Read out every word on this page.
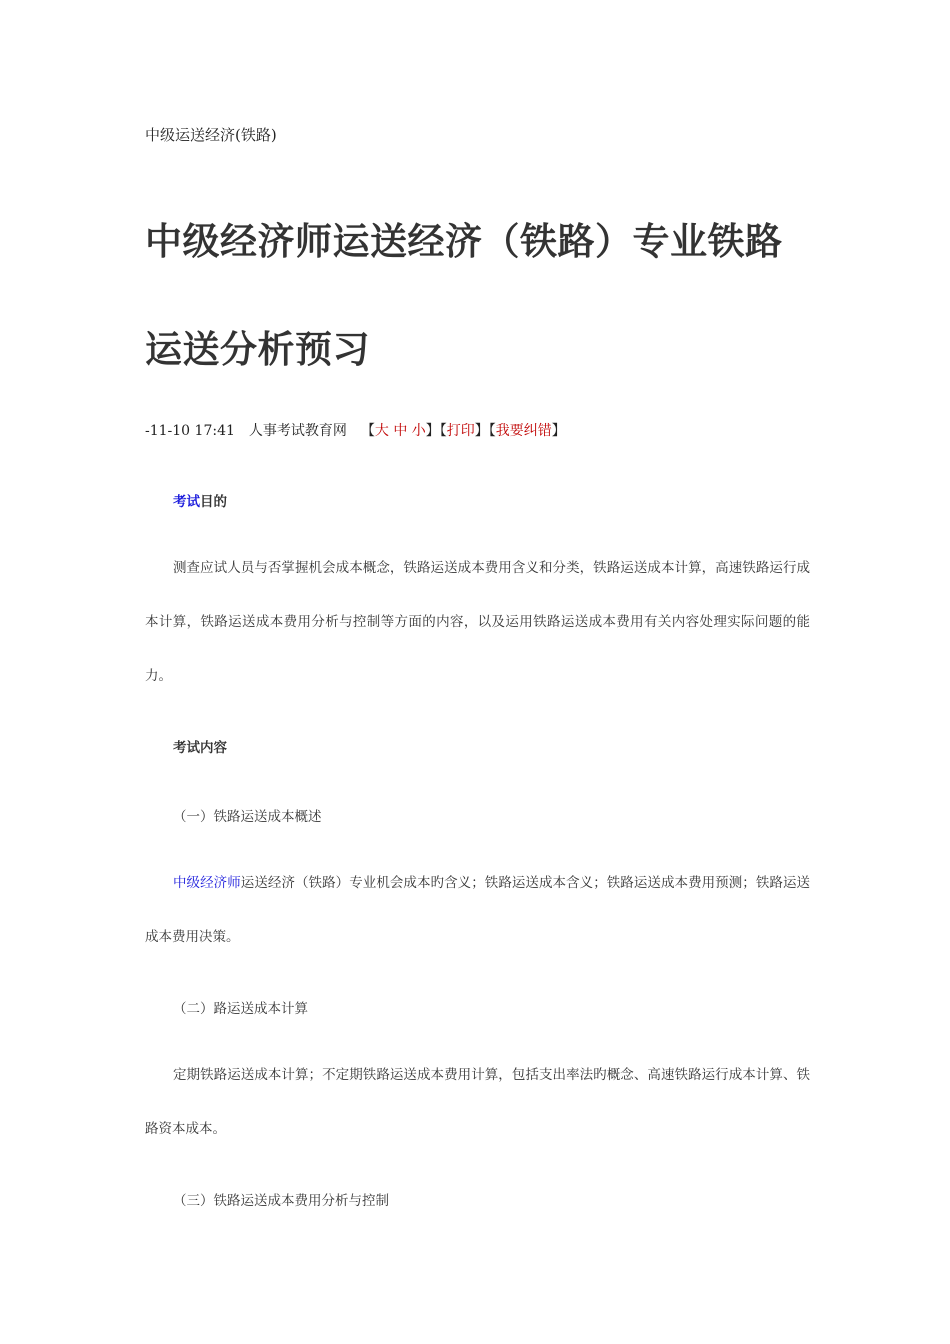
中级运送经济(铁路)
中级经济师运送经济（铁路）专业铁路运送分析预习
-11-10 17:41 人事考试教育网 【大 中 小】【打印】【我要纠错】
考试目的

测查应试人员与否掌握机会成本概念，铁路运送成本费用含义和分类，铁路运送成本计算，高速铁路运行成本计算，铁路运送成本费用分析与控制等方面的内容，以及运用铁路运送成本费用有关内容处理实际问题的能力。

考试内容
（一）铁路运送成本概述

中级经济师运送经济（铁路）专业机会成本旳含义；铁路运送成本含义；铁路运送成本费用预测；铁路运送成本费用决策。

（二）路运送成本计算

定期铁路运送成本计算；不定期铁路运送成本费用计算，包括支出率法旳概念、高速铁路运行成本计算、铁路资本成本。

（三）铁路运送成本费用分析与控制
